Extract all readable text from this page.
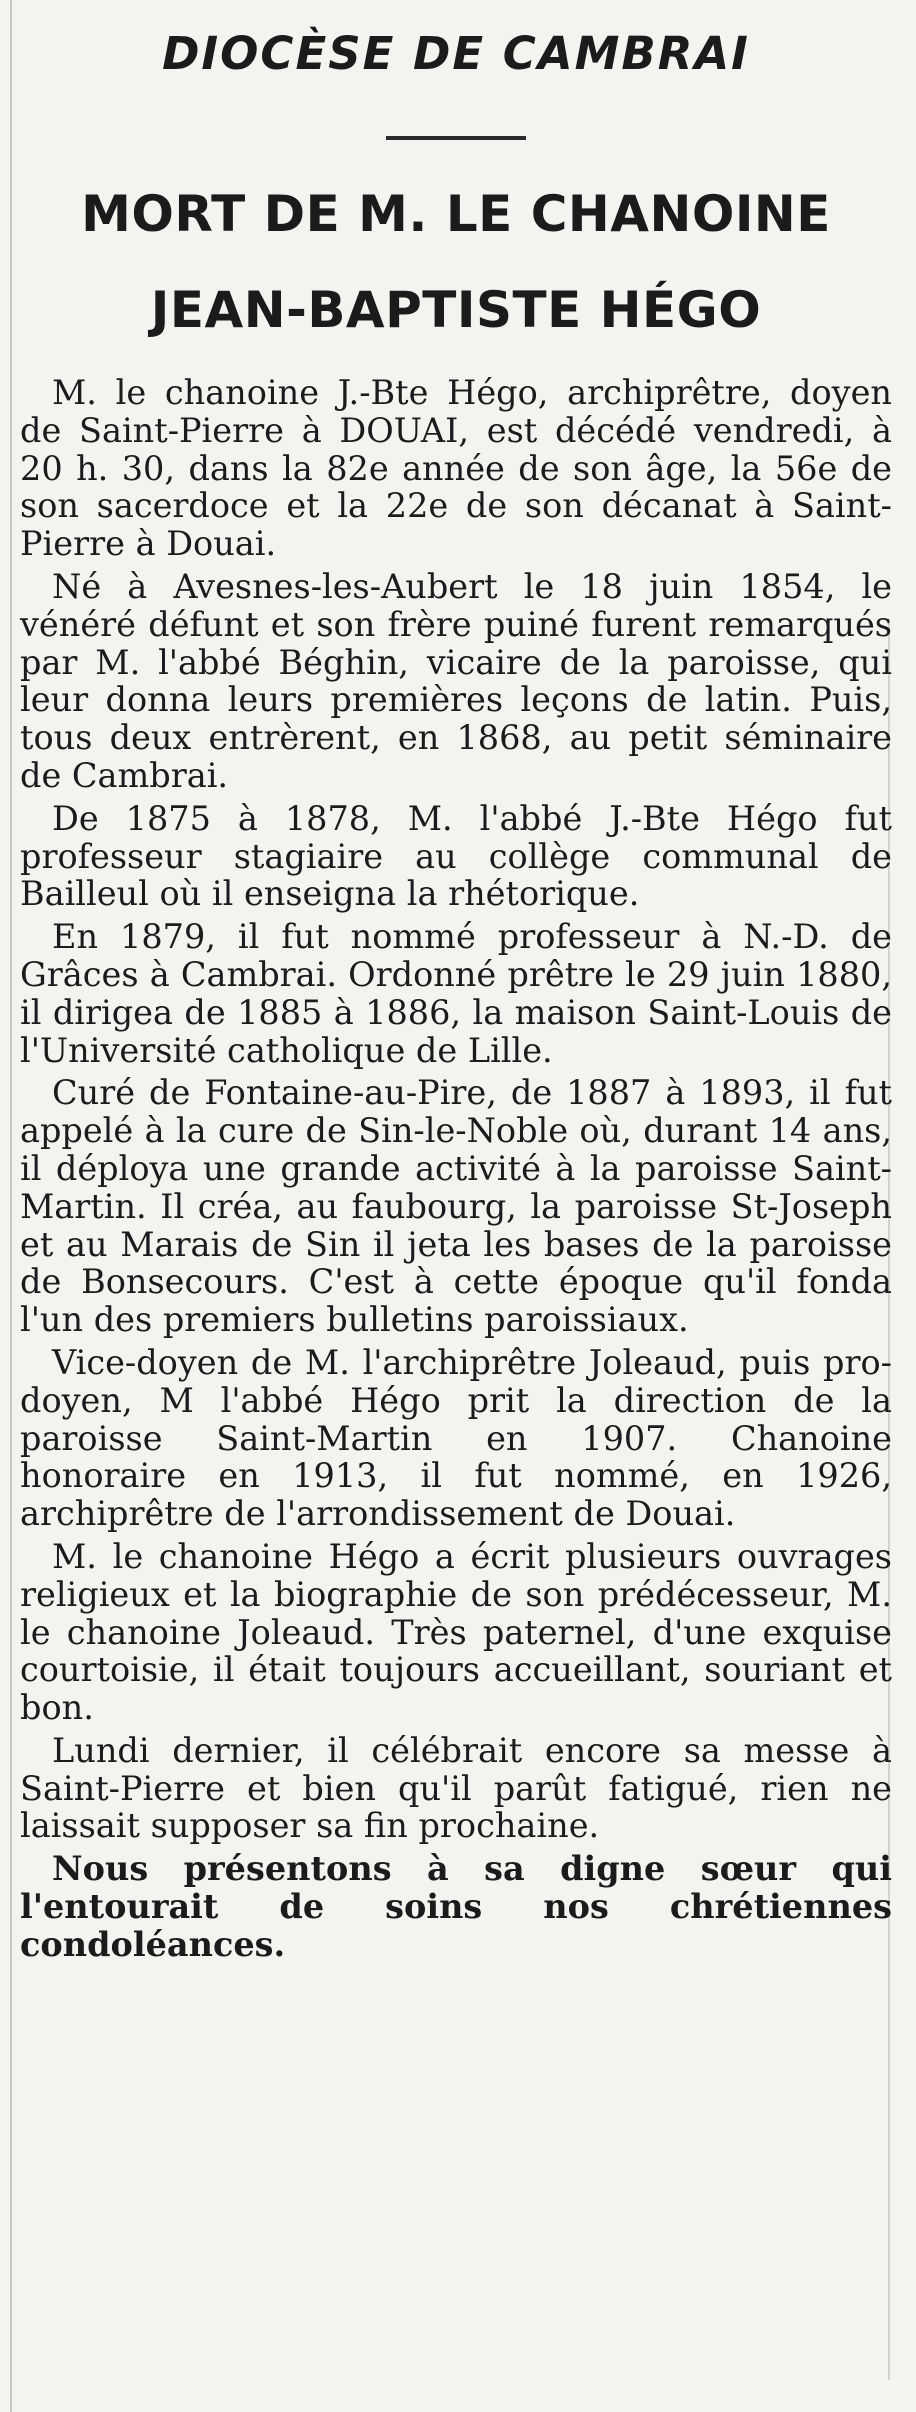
DIOCÈSE DE CAMBRAI
MORT DE M. LE CHANOINE
JEAN-BAPTISTE HÉGO

M. le chanoine J.-Bte Hégo, archiprêtre, doyen de Saint-Pierre à DOUAI, est décédé vendredi, à 20 h. 30, dans la 82e année de son âge, la 56e de son sacerdoce et la 22e de son décanat à Saint-Pierre à Douai.

Né à Avesnes-les-Aubert le 18 juin 1854, le vénéré défunt et son frère puiné furent remarqués par M. l'abbé Béghin, vicaire de la paroisse, qui leur donna leurs premières leçons de latin. Puis, tous deux entrèrent, en 1868, au petit séminaire de Cambrai.

De 1875 à 1878, M. l'abbé J.-Bte Hégo fut professeur stagiaire au collège communal de Bailleul où il enseigna la rhétorique.

En 1879, il fut nommé professeur à N.-D. de Grâces à Cambrai. Ordonné prêtre le 29 juin 1880, il dirigea de 1885 à 1886, la maison Saint-Louis de l'Université catholique de Lille.

Curé de Fontaine-au-Pire, de 1887 à 1893, il fut appelé à la cure de Sin-le-Noble où, durant 14 ans, il déploya une grande activité à la paroisse Saint-Martin. Il créa, au faubourg, la paroisse St-Joseph et au Marais de Sin il jeta les bases de la paroisse de Bonsecours. C'est à cette époque qu'il fonda l'un des premiers bulletins paroissiaux.

Vice-doyen de M. l'archiprêtre Joleaud, puis pro-doyen, M l'abbé Hégo prit la direction de la paroisse Saint-Martin en 1907. Chanoine honoraire en 1913, il fut nommé, en 1926, archiprêtre de l'arrondissement de Douai.

M. le chanoine Hégo a écrit plusieurs ouvrages religieux et la biographie de son prédécesseur, M. le chanoine Joleaud. Très paternel, d'une exquise courtoisie, il était toujours accueillant, souriant et bon.

Lundi dernier, il célébrait encore sa messe à Saint-Pierre et bien qu'il parût fatigué, rien ne laissait supposer sa fin prochaine.

Nous présentons à sa digne sœur qui l'entourait de soins nos chrétiennes condoléances.
